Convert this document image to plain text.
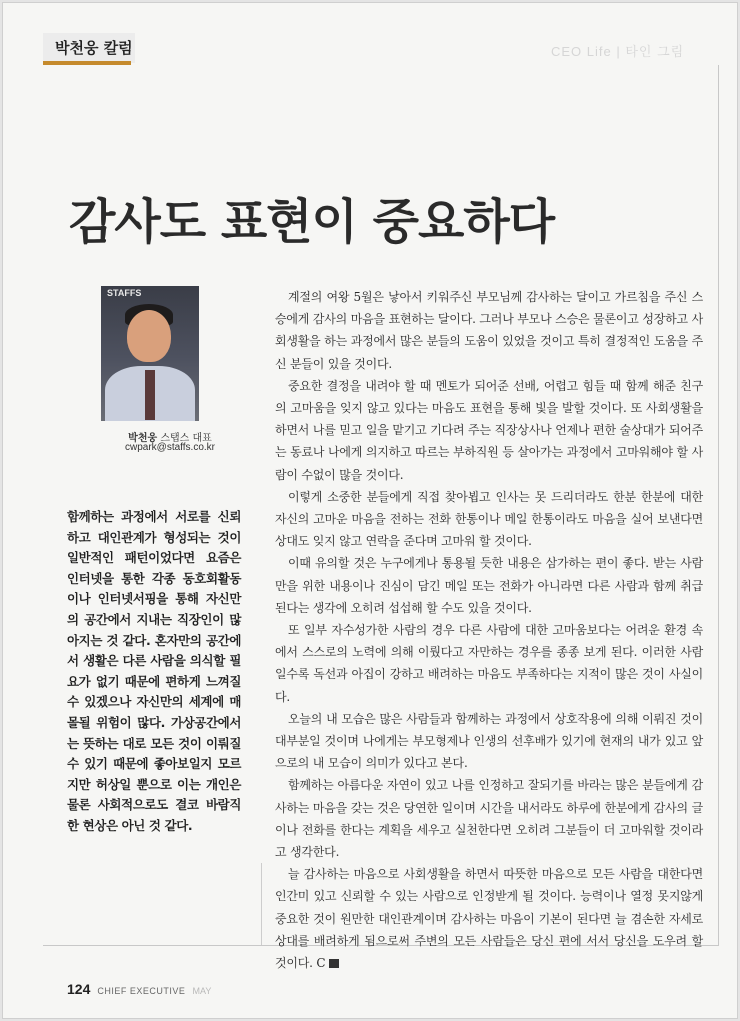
박천웅 칼럼	CEO Life | 타인 그림
감사도 표현이 중요하다
STAFFS
박천웅 스탭스 대표
cwpark@staffs.co.kr
함께하는 과정에서 서로를 신뢰하고 대인관계가 형성되는 것이 일반적인 패턴이었다면 요즘은 인터넷을 통한 각종 동호회활동이나 인터넷서핑을 통해 자신만의 공간에서 지내는 직장인이 많아지는 것 같다. 혼자만의 공간에서 생활은 다른 사람을 의식할 필요가 없기 때문에 편하게 느껴질 수 있겠으나 자신만의 세계에 매몰될 위험이 많다. 가상공간에서는 뜻하는 대로 모든 것이 이뤄질 수 있기 때문에 좋아보일지 모르지만 허상일 뿐으로 이는 개인은 물론 사회적으로도 결코 바람직한 현상은 아닌 것 같다.

계절의 여왕 5월은 낳아서 키워주신 부모님께 감사하는 달이고 가르침을 주신 스승에게 감사의 마음을 표현하는 달이다. 그러나 부모나 스승은 물론이고 성장하고 사회생활을 하는 과정에서 많은 분들의 도움이 있었을 것이고 특히 결정적인 도움을 주신 분들이 있을 것이다.

중요한 결정을 내려야 할 때 멘토가 되어준 선배, 어렵고 힘들 때 함께 해준 친구의 고마움을 잊지 않고 있다는 마음도 표현을 통해 빛을 발할 것이다. 또 사회생활을 하면서 나를 믿고 일을 맡기고 기다려 주는 직장상사나 언제나 편한 술상대가 되어주는 동료나 나에게 의지하고 따르는 부하직원 등 살아가는 과정에서 고마워해야 할 사람이 수없이 많을 것이다.

이렇게 소중한 분들에게 직접 찾아뵙고 인사는 못 드리더라도 한분 한분에 대한 자신의 고마운 마음을 전하는 전화 한통이나 메일 한통이라도 마음을 실어 보낸다면 상대도 잊지 않고 연락을 준다며 고마워 할 것이다.

이때 유의할 것은 누구에게나 통용될 듯한 내용은 삼가하는 편이 좋다. 받는 사람만을 위한 내용이나 진심이 담긴 메일 또는 전화가 아니라면 다른 사람과 함께 취급된다는 생각에 오히려 섭섭해 할 수도 있을 것이다.

또 일부 자수성가한 사람의 경우 다른 사람에 대한 고마움보다는 어려운 환경 속에서 스스로의 노력에 의해 이뤘다고 자만하는 경우를 종종 보게 된다. 이러한 사람일수록 독선과 아집이 강하고 배려하는 마음도 부족하다는 지적이 많은 것이 사실이다.

오늘의 내 모습은 많은 사람들과 함께하는 과정에서 상호작용에 의해 이뤄진 것이 대부분일 것이며 나에게는 부모형제나 인생의 선후배가 있기에 현재의 내가 있고 앞으로의 내 모습이 의미가 있다고 본다.

함께하는 아름다운 자연이 있고 나를 인정하고 잘되기를 바라는 많은 분들에게 감사하는 마음을 갖는 것은 당연한 일이며 시간을 내서라도 하루에 한분에게 감사의 글이나 전화를 한다는 계획을 세우고 실천한다면 오히려 그분들이 더 고마워할 것이라고 생각한다.

늘 감사하는 마음으로 사회생활을 하면서 따뜻한 마음으로 모든 사람을 대한다면 인간미 있고 신뢰할 수 있는 사람으로 인정받게 될 것이다. 능력이나 열정 못지않게 중요한 것이 원만한 대인관계이며 감사하는 마음이 기본이 된다면 늘 겸손한 자세로 상대를 배려하게 됨으로써 주변의 모든 사람들은 당신 편에 서서 당신을 도우려 할 것이다. C

124 CHIEF EXECUTIVE MAY
